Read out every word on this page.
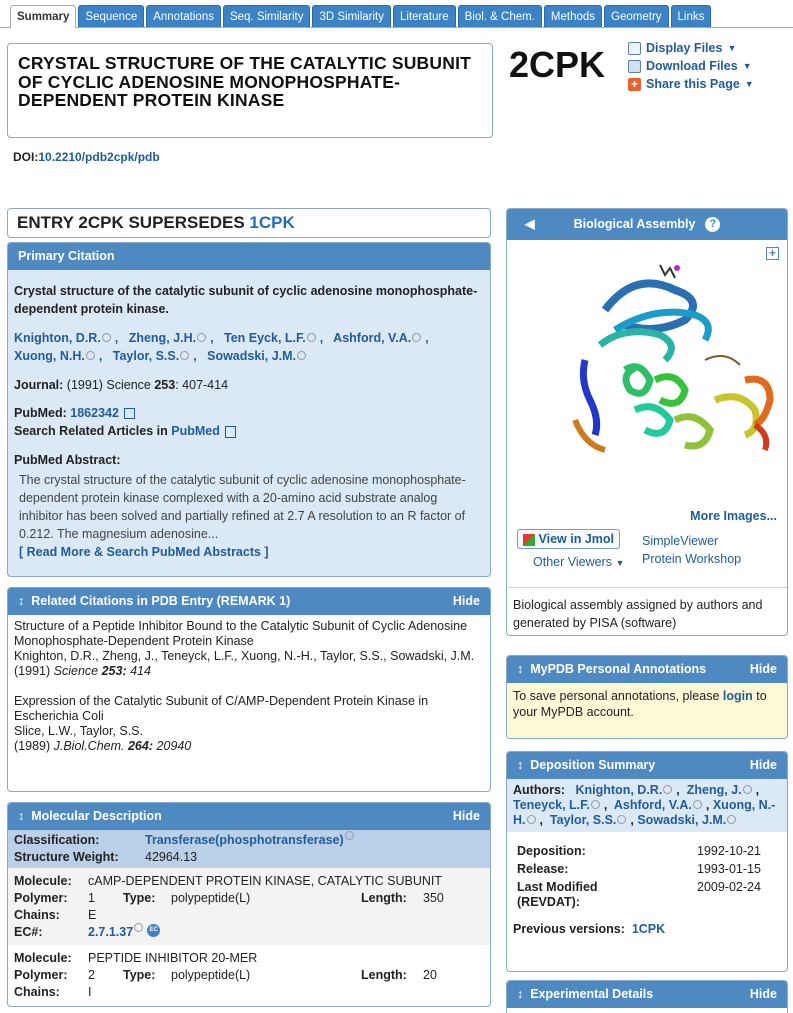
Summary	Sequence	Annotations	Seq. Similarity	3D Similarity	Literature	Biol. & Chem.	Methods	Geometry	Links
CRYSTAL STRUCTURE OF THE CATALYTIC SUBUNIT OF CYCLIC ADENOSINE MONOPHOSPHATE-DEPENDENT PROTEIN KINASE
2CPK	Display Files ▼
Download Files ▼
+ Share this Page ▼
DOI:10.2210/pdb2cpk/pdb
ENTRY 2CPK SUPERSEDES 1CPK
Primary Citation
Crystal structure of the catalytic subunit of cyclic adenosine monophosphate-dependent protein kinase.
Knighton, D.R. ,   Zheng, J.H. ,   Ten Eyck, L.F. ,   Ashford, V.A. ,
Xuong, N.H. ,   Taylor, S.S. ,   Sowadski, J.M.
Journal: (1991) Science 253: 407-414
PubMed: 1862342
Search Related Articles in PubMed
PubMed Abstract:
The crystal structure of the catalytic subunit of cyclic adenosine monophosphate-dependent protein kinase complexed with a 20-amino acid substrate analog inhibitor has been solved and partially refined at 2.7 A resolution to an R factor of 0.212. The magnesium adenosine...
[ Read More & Search PubMed Abstracts ]
↕ Related Citations in PDB Entry (REMARK 1)	Hide
Structure of a Peptide Inhibitor Bound to the Catalytic Subunit of Cyclic Adenosine Monophosphate-Dependent Protein Kinase
Knighton, D.R., Zheng, J., Teneyck, L.F., Xuong, N.-H., Taylor, S.S., Sowadski, J.M.
(1991) Science 253: 414
Expression of the Catalytic Subunit of C/AMP-Dependent Protein Kinase in Escherichia Coli
Slice, L.W., Taylor, S.S.
(1989) J.Biol.Chem. 264: 20940
↕ Molecular Description	Hide
Classification:	Transferase(phosphotransferase)
Structure Weight:	42964.13
Molecule:	cAMP-DEPENDENT PROTEIN KINASE, CATALYTIC SUBUNIT
Polymer:	1	Type:	polypeptide(L)	Length:	350
Chains:	E
EC#:	2.7.1.37	EC
Molecule:	PEPTIDE INHIBITOR 20-MER
Polymer:	2	Type:	polypeptide(L)	Length:	20
Chains:	I
◀	Biological Assembly	?
+
More Images...
View in Jmol
Other Viewers ▼
SimpleViewer
Protein Workshop
Biological assembly assigned by authors and generated by PISA (software)
↕ MyPDB Personal Annotations	Hide
To save personal annotations, please login to your MyPDB account.
↕ Deposition Summary	Hide
Authors: Knighton, D.R. ,  Zheng, J. ,  Teneyck, L.F. ,  Ashford, V.A. , Xuong, N.-H. ,  Taylor, S.S. , Sowadski, J.M.
Deposition:	1992-10-21
Release:	1993-01-15
Last Modified (REVDAT):
2009-02-24
Previous versions: 1CPK
↕ Experimental Details	Hide
